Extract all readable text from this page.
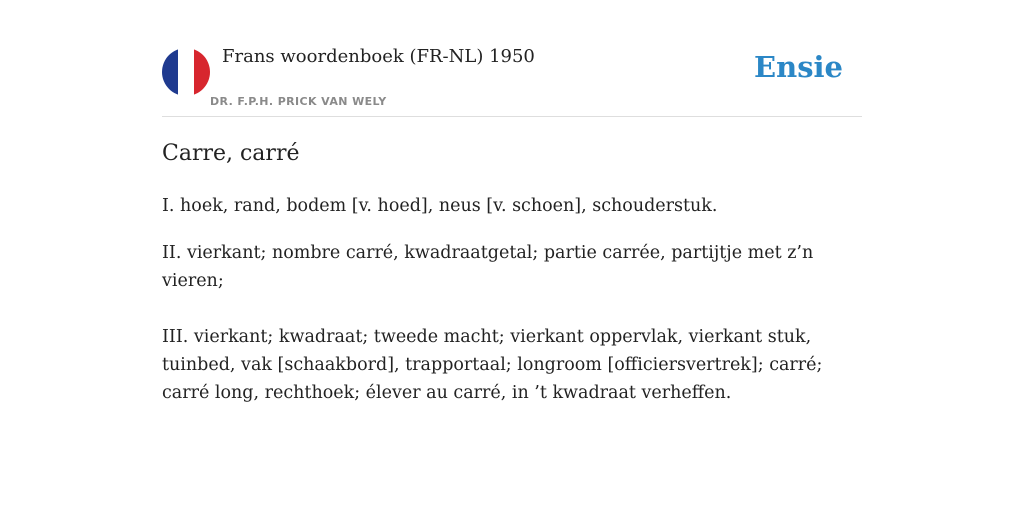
Frans woordenboek (FR-NL) 1950
DR. F.P.H. PRICK VAN WELY
Ensie
Carre, carré

I. hoek, rand, bodem [v. hoed], neus [v. schoen], schouderstuk.

II. vierkant; nombre carré, kwadraatgetal; partie carrée, partijtje met z’n vieren;

III. vierkant; kwadraat; tweede macht; vierkant oppervlak, vierkant stuk, tuinbed, vak [schaakbord], trapportaal; longroom [officiersvertrek]; carré; carré long, rechthoek; élever au carré, in ’t kwadraat verheffen.
